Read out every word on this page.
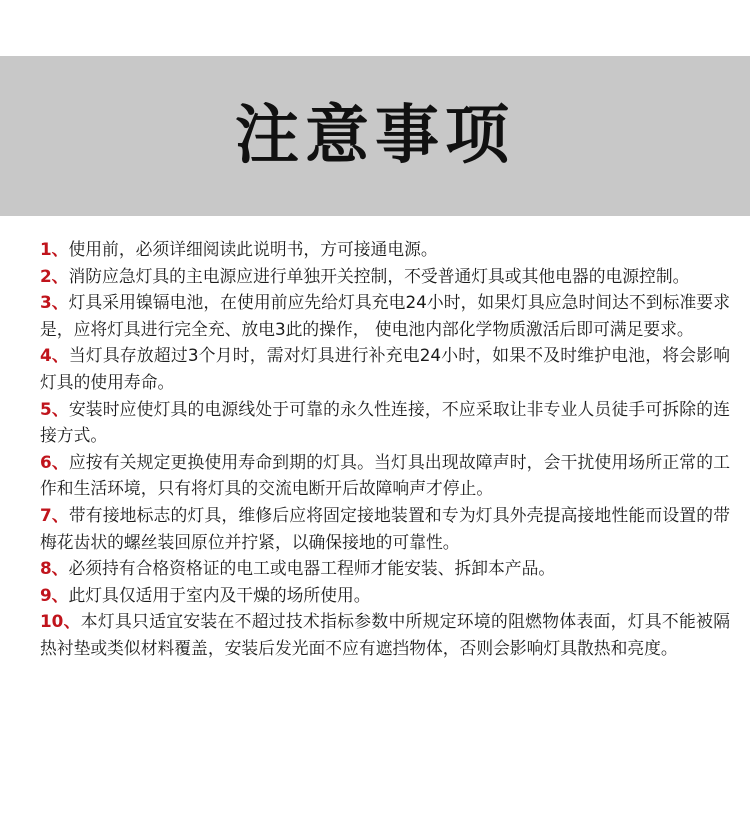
注意事项
1、使用前，必须详细阅读此说明书，方可接通电源。
2、消防应急灯具的主电源应进行单独开关控制，不受普通灯具或其他电器的电源控制。
3、灯具采用镍镉电池，在使用前应先给灯具充电24小时，如果灯具应急时间达不到标准要求是，应将灯具进行完全充、放电3此的操作， 使电池内部化学物质激活后即可满足要求。
4、当灯具存放超过3个月时，需对灯具进行补充电24小时，如果不及时维护电池，将会影响灯具的使用寿命。
5、安装时应使灯具的电源线处于可靠的永久性连接，不应采取让非专业人员徒手可拆除的连接方式。
6、应按有关规定更换使用寿命到期的灯具。当灯具出现故障声时，会干扰使用场所正常的工作和生活环境，只有将灯具的交流电断开后故障响声才停止。
7、带有接地标志的灯具，维修后应将固定接地装置和专为灯具外壳提高接地性能而设置的带梅花齿状的螺丝装回原位并拧紧，以确保接地的可靠性。
8、必须持有合格资格证的电工或电器工程师才能安装、拆卸本产品。
9、此灯具仅适用于室内及干燥的场所使用。
10、本灯具只适宜安装在不超过技术指标参数中所规定环境的阻燃物体表面，灯具不能被隔热衬垫或类似材料覆盖，安装后发光面不应有遮挡物体，否则会影响灯具散热和亮度。
